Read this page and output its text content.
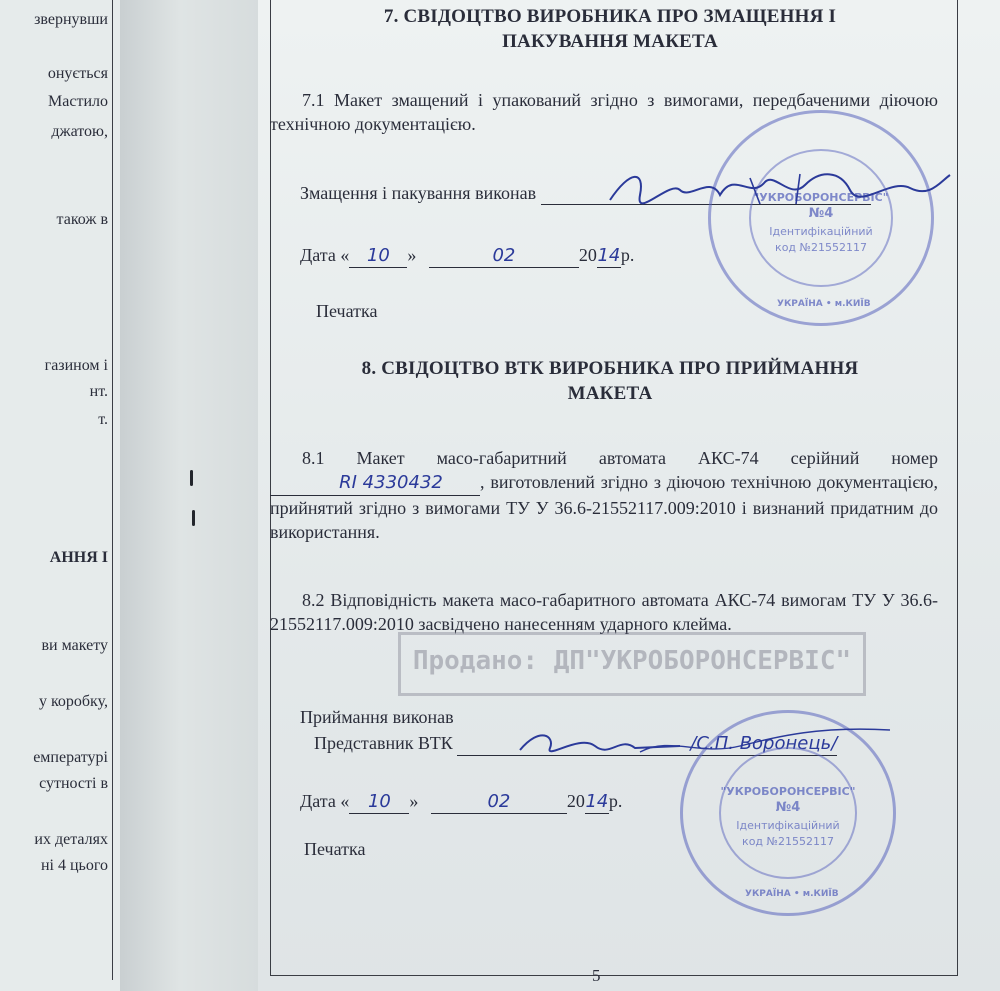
звернувши
онується
Мастило
джатою,
також в
газином і
нт.
т.
АННЯ І
ви макету
у коробку,
емпературі
сутності в
их деталях
ні 4 цього
7. СВІДОЦТВО ВИРОБНИКА ПРО ЗМАЩЕННЯ І
ПАКУВАННЯ МАКЕТА
7.1 Макет змащений і упакований згідно з вимогами, передбаченими діючою технічною документацією.
Змащення і пакування виконав
Дата « 10 »	02	2014р.
Печатка
8. СВІДОЦТВО ВТК ВИРОБНИКА ПРО ПРИЙМАННЯ
МАКЕТА
8.1 Макет масо-габаритний автомата АКС-74 серійний номер RI 4330432 , виготовлений згідно з діючою технічною документацією, прийнятий згідно з вимогами ТУ У 36.6-21552117.009:2010 і визнаний придатним до використання.
8.2 Відповідність макета масо-габаритного автомата АКС-74 вимогам ТУ У 36.6-21552117.009:2010 засвідчено нанесенням ударного клейма.
Приймання виконав
Представник ВТК	/С.П. Воронець/
Дата « 10 »	02	2014р.
Печатка
Продано: ДП"УКРОБОРОНСЕРВІС"
"УКРОБОРОНСЕРВІС"
№4
Ідентифікаційний
код №21552117
УКРАЇНА • м.КИЇВ
"УКРОБОРОНСЕРВІС"
№4
Ідентифікаційний
код №21552117
УКРАЇНА • м.КИЇВ
5
